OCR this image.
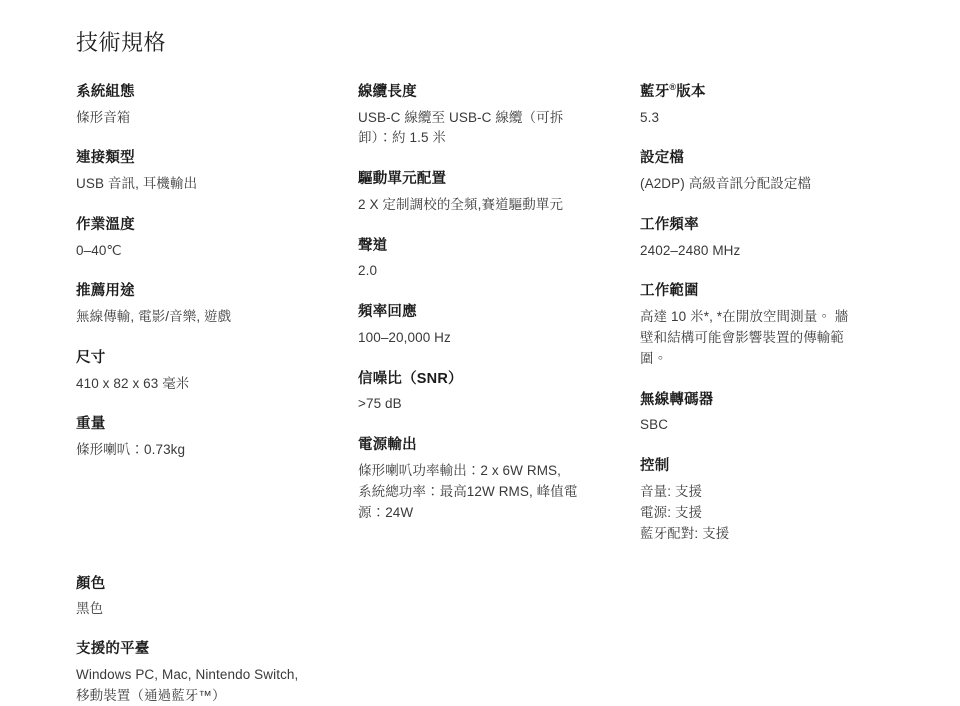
技術規格
系統組態
條形音箱
連接類型
USB 音訊, 耳機輸出
作業溫度
0–40℃
推薦用途
無線傳輸, 電影/音樂, 遊戲
尺寸
410 x 82 x 63 毫米
重量
條形喇叭：0.73kg
線纜長度
USB-C 線纜至 USB-C 線纜（可拆
卸）：約 1.5 米
驅動單元配置
2 X 定制調校的全頻,賽道驅動單元
聲道
2.0
頻率回應
100–20,000 Hz
信噪比（SNR）
>75 dB
電源輸出
條形喇叭功率輸出：2 x 6W RMS,
系統總功率：最高12W RMS, 峰值電
源：24W
藍牙®版本
5.3
設定檔
(A2DP) 高級音訊分配設定檔
工作頻率
2402–2480 MHz
工作範圍
高達 10 米*, *在開放空間測量。 牆
壁和結構可能會影響裝置的傳輸範
圍。
無線轉碼器
SBC
控制
音量: 支援
電源: 支援
藍牙配對: 支援
顏色
黑色
支援的平臺
Windows PC, Mac, Nintendo Switch,
移動裝置（通過藍牙™）
